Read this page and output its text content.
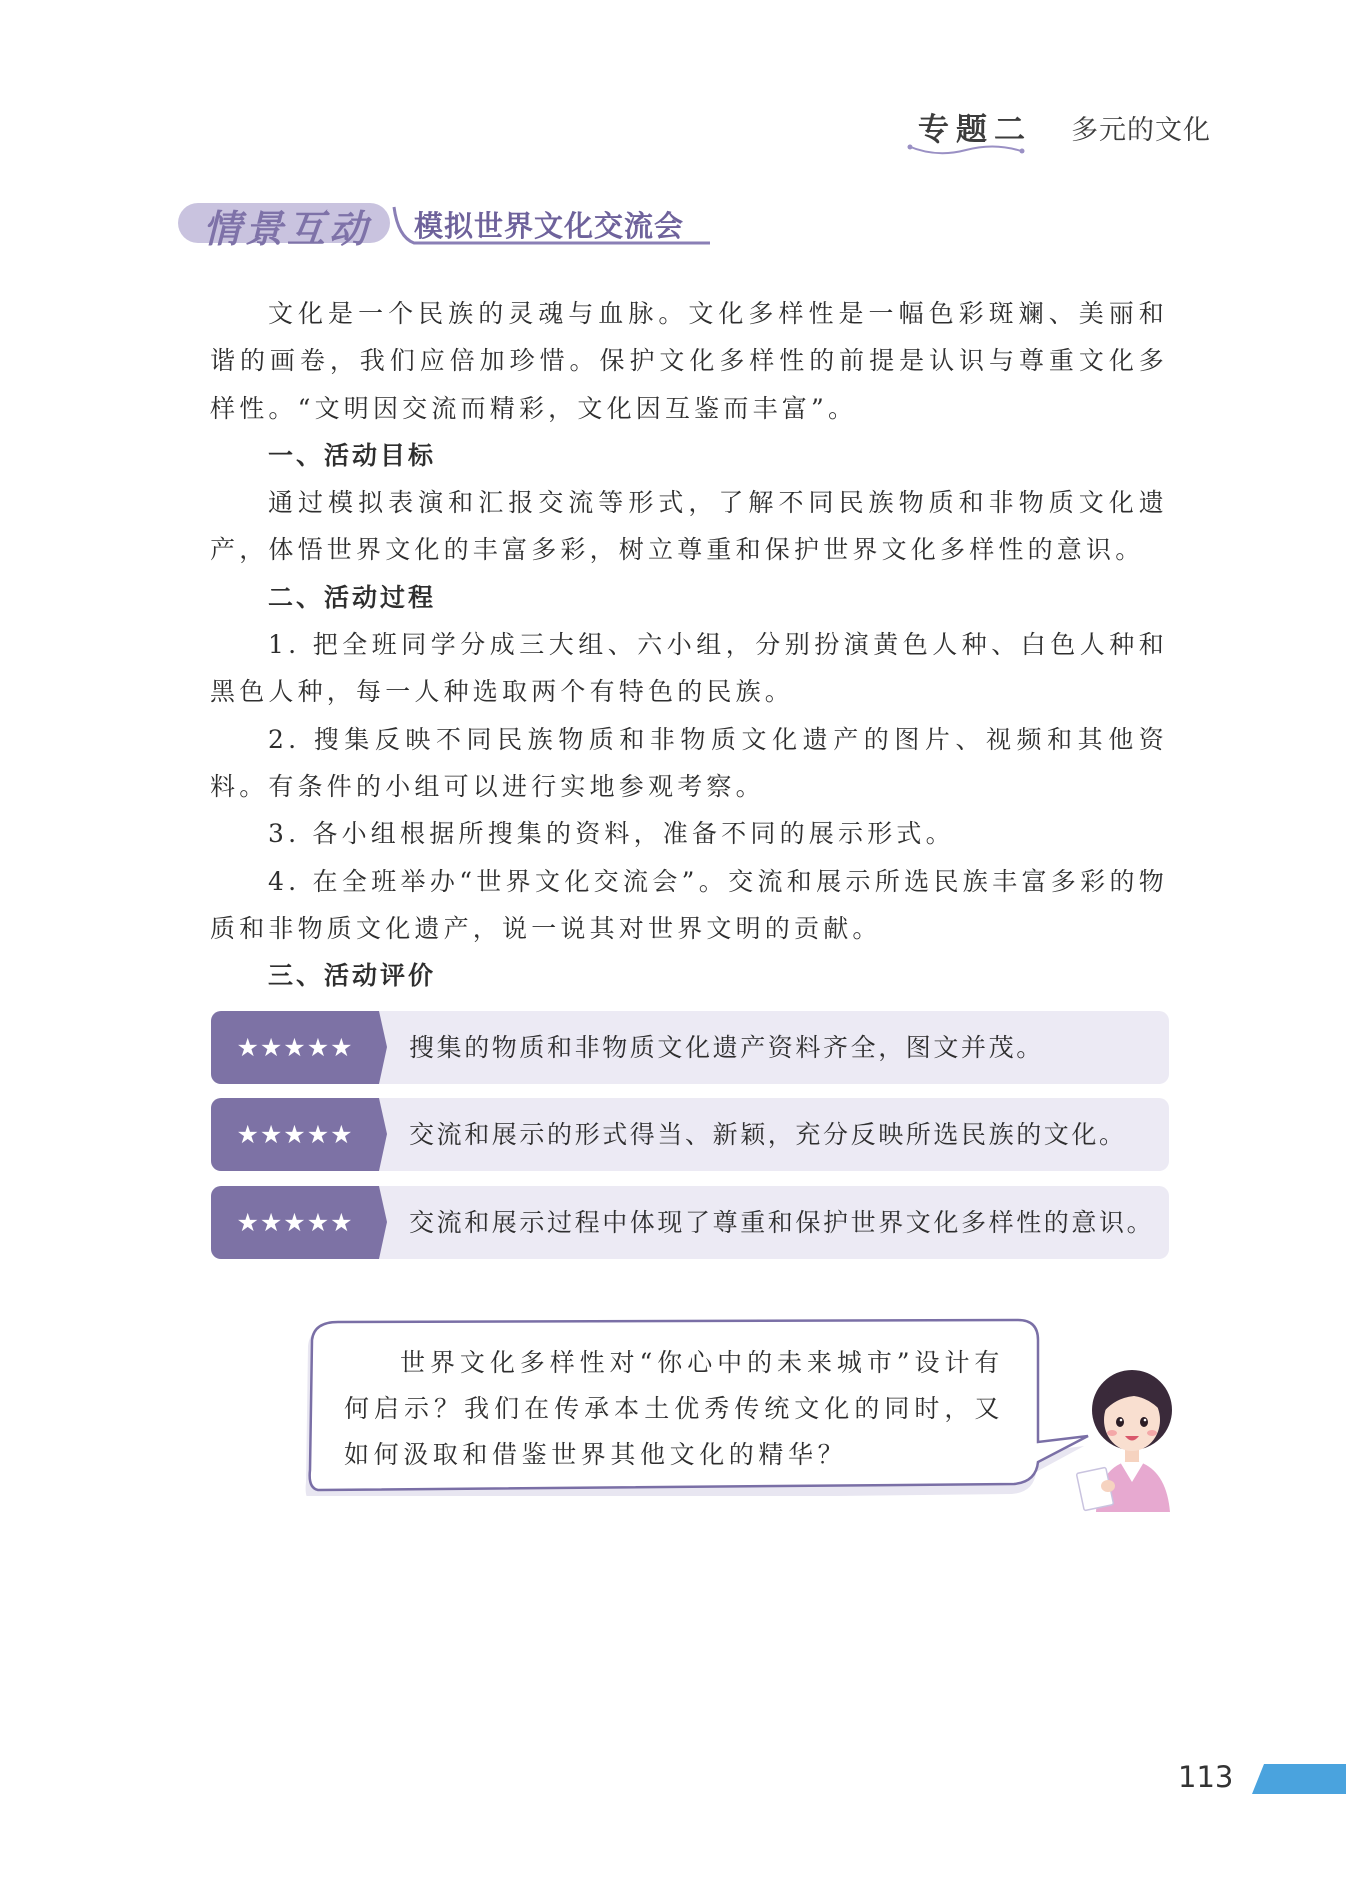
专题二 多元的文化
情景互动 模拟世界文化交流会

文化是一个民族的灵魂与血脉。文化多样性是一幅色彩斑斓、美丽和谐的画卷，我们应倍加珍惜。保护文化多样性的前提是认识与尊重文化多样性。“文明因交流而精彩，文化因互鉴而丰富”。

一、活动目标

通过模拟表演和汇报交流等形式，了解不同民族物质和非物质文化遗产，体悟世界文化的丰富多彩，树立尊重和保护世界文化多样性的意识。

二、活动过程

1. 把全班同学分成三大组、六小组，分别扮演黄色人种、白色人种和黑色人种，每一人种选取两个有特色的民族。

2. 搜集反映不同民族物质和非物质文化遗产的图片、视频和其他资料。有条件的小组可以进行实地参观考察。

3. 各小组根据所搜集的资料，准备不同的展示形式。

4. 在全班举办“世界文化交流会”。交流和展示所选民族丰富多彩的物质和非物质文化遗产，说一说其对世界文明的贡献。

三、活动评价

★★★★★	搜集的物质和非物质文化遗产资料齐全，图文并茂。
★★★★★	交流和展示的形式得当、新颖，充分反映所选民族的文化。
★★★★★	交流和展示过程中体现了尊重和保护世界文化多样性的意识。

世界文化多样性对“你心中的未来城市”设计有何启示？我们在传承本土优秀传统文化的同时，又如何汲取和借鉴世界其他文化的精华？

113
